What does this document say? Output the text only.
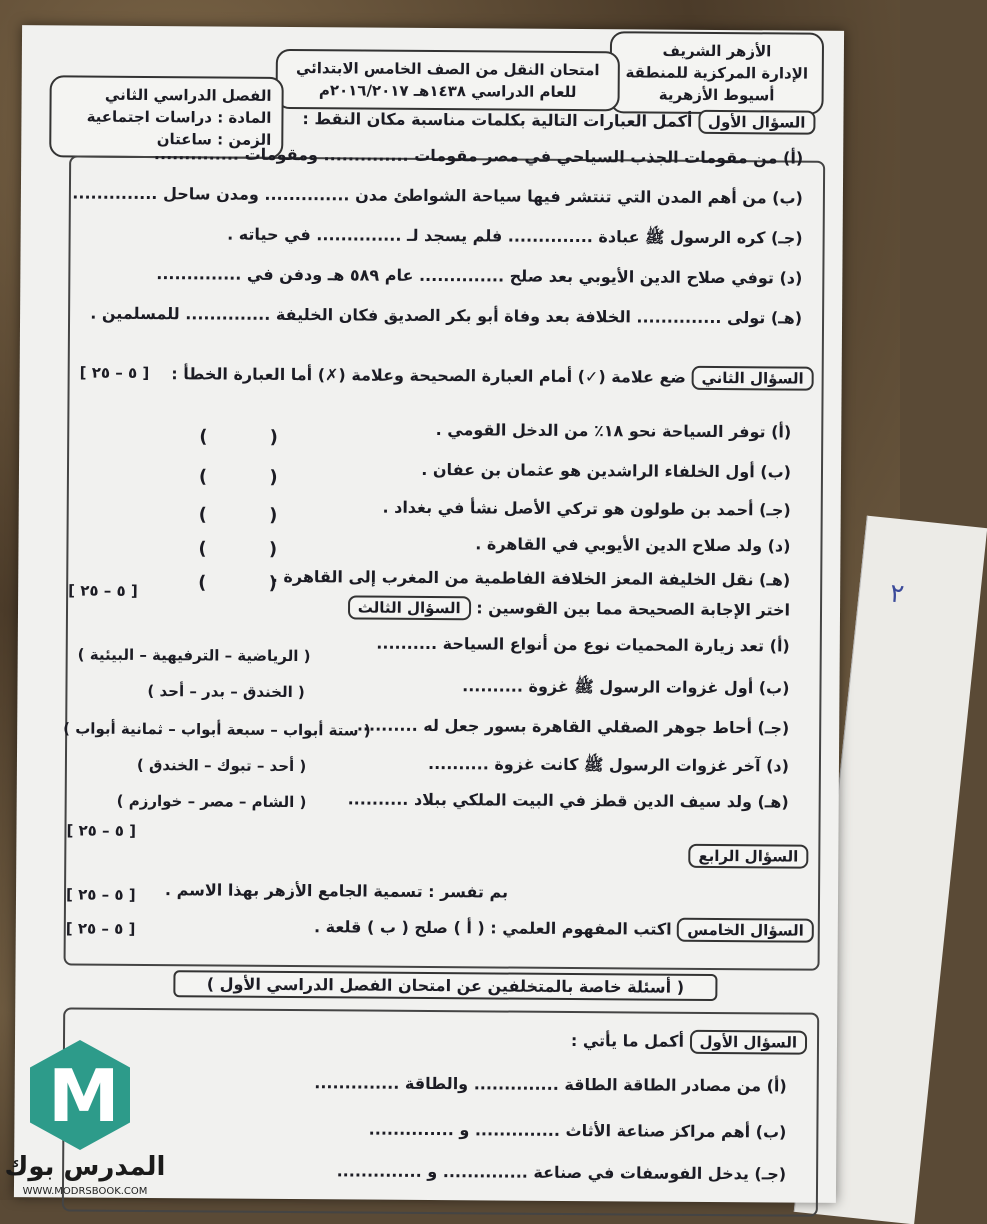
٢
الأزهر الشريف
الإدارة المركزية للمنطقة
أسيوط الأزهرية
امتحان النقل من الصف الخامس الابتدائي
للعام الدراسي ١٤٣٨هـ ٢٠١٦/٢٠١٧م
الفصل الدراسي الثاني
المادة : دراسات اجتماعية
الزمن : ساعتان
السؤال الأول أكمل العبارات التالية بكلمات مناسبة مكان النقط :
(أ) من مقومات الجذب السياحي في مصر مقومات .............. ومقومات ..............
(ب) من أهم المدن التي تنتشر فيها سياحة الشواطئ مدن .............. ومدن ساحل ..............
(جـ) كره الرسول ﷺ عبادة .............. فلم يسجد لـ .............. في حياته .
(د) توفي صلاح الدين الأيوبي بعد صلح .............. عام ٥٨٩ هـ ودفن في ..............
(هـ) تولى .............. الخلافة بعد وفاة أبو بكر الصديق فكان الخليفة .............. للمسلمين .
السؤال الثاني ضع علامة (✓) أمام العبارة الصحيحة وعلامة (✗) أما العبارة الخطأ :
[ ٥ – ٢٥ ]
(أ) توفر السياحة نحو ١٨٪ من الدخل القومي .
(ب) أول الخلفاء الراشدين هو عثمان بن عفان .
(جـ) أحمد بن طولون هو تركي الأصل نشأ في بغداد .
(د) ولد صلاح الدين الأيوبي في القاهرة .
(هـ) نقل الخليفة المعز الخلافة الفاطمية من المغرب إلى القاهرة .
( )
( )
( )
( )
( )
[ ٥ – ٢٥ ]
اختر الإجابة الصحيحة مما بين القوسين : السؤال الثالث
(أ) تعد زيارة المحميات نوع من أنواع السياحة ..........
( الرياضية – الترفيهية – البيئية )
(ب) أول غزوات الرسول ﷺ غزوة ..........
( الخندق – بدر – أحد )
(جـ) أحاط جوهر الصقلي القاهرة بسور جعل له ..........
( ستة أبواب – سبعة أبواب – ثمانية أبواب )
(د) آخر غزوات الرسول ﷺ كانت غزوة ..........
( أحد – تبوك – الخندق )
(هـ) ولد سيف الدين قطز في البيت الملكي ببلاد ..........
( الشام – مصر – خوارزم )
[ ٥ – ٢٥ ]
السؤال الرابع
بم تفسر : تسمية الجامع الأزهر بهذا الاسم .
[ ٥ – ٢٥ ]
السؤال الخامس اكتب المفهوم العلمي : ( أ ) صلح ( ب ) قلعة .
[ ٥ – ٢٥ ]
( أسئلة خاصة بالمتخلفين عن امتحان الفصل الدراسي الأول )
السؤال الأول أكمل ما يأتي :
(أ) من مصادر الطاقة الطاقة .............. والطاقة ..............
(ب) أهم مراكز صناعة الأثاث .............. و ..............
(جـ) يدخل الفوسفات في صناعة .............. و ..............
M
المدرس بوك
WWW.MODRSBOOK.COM
